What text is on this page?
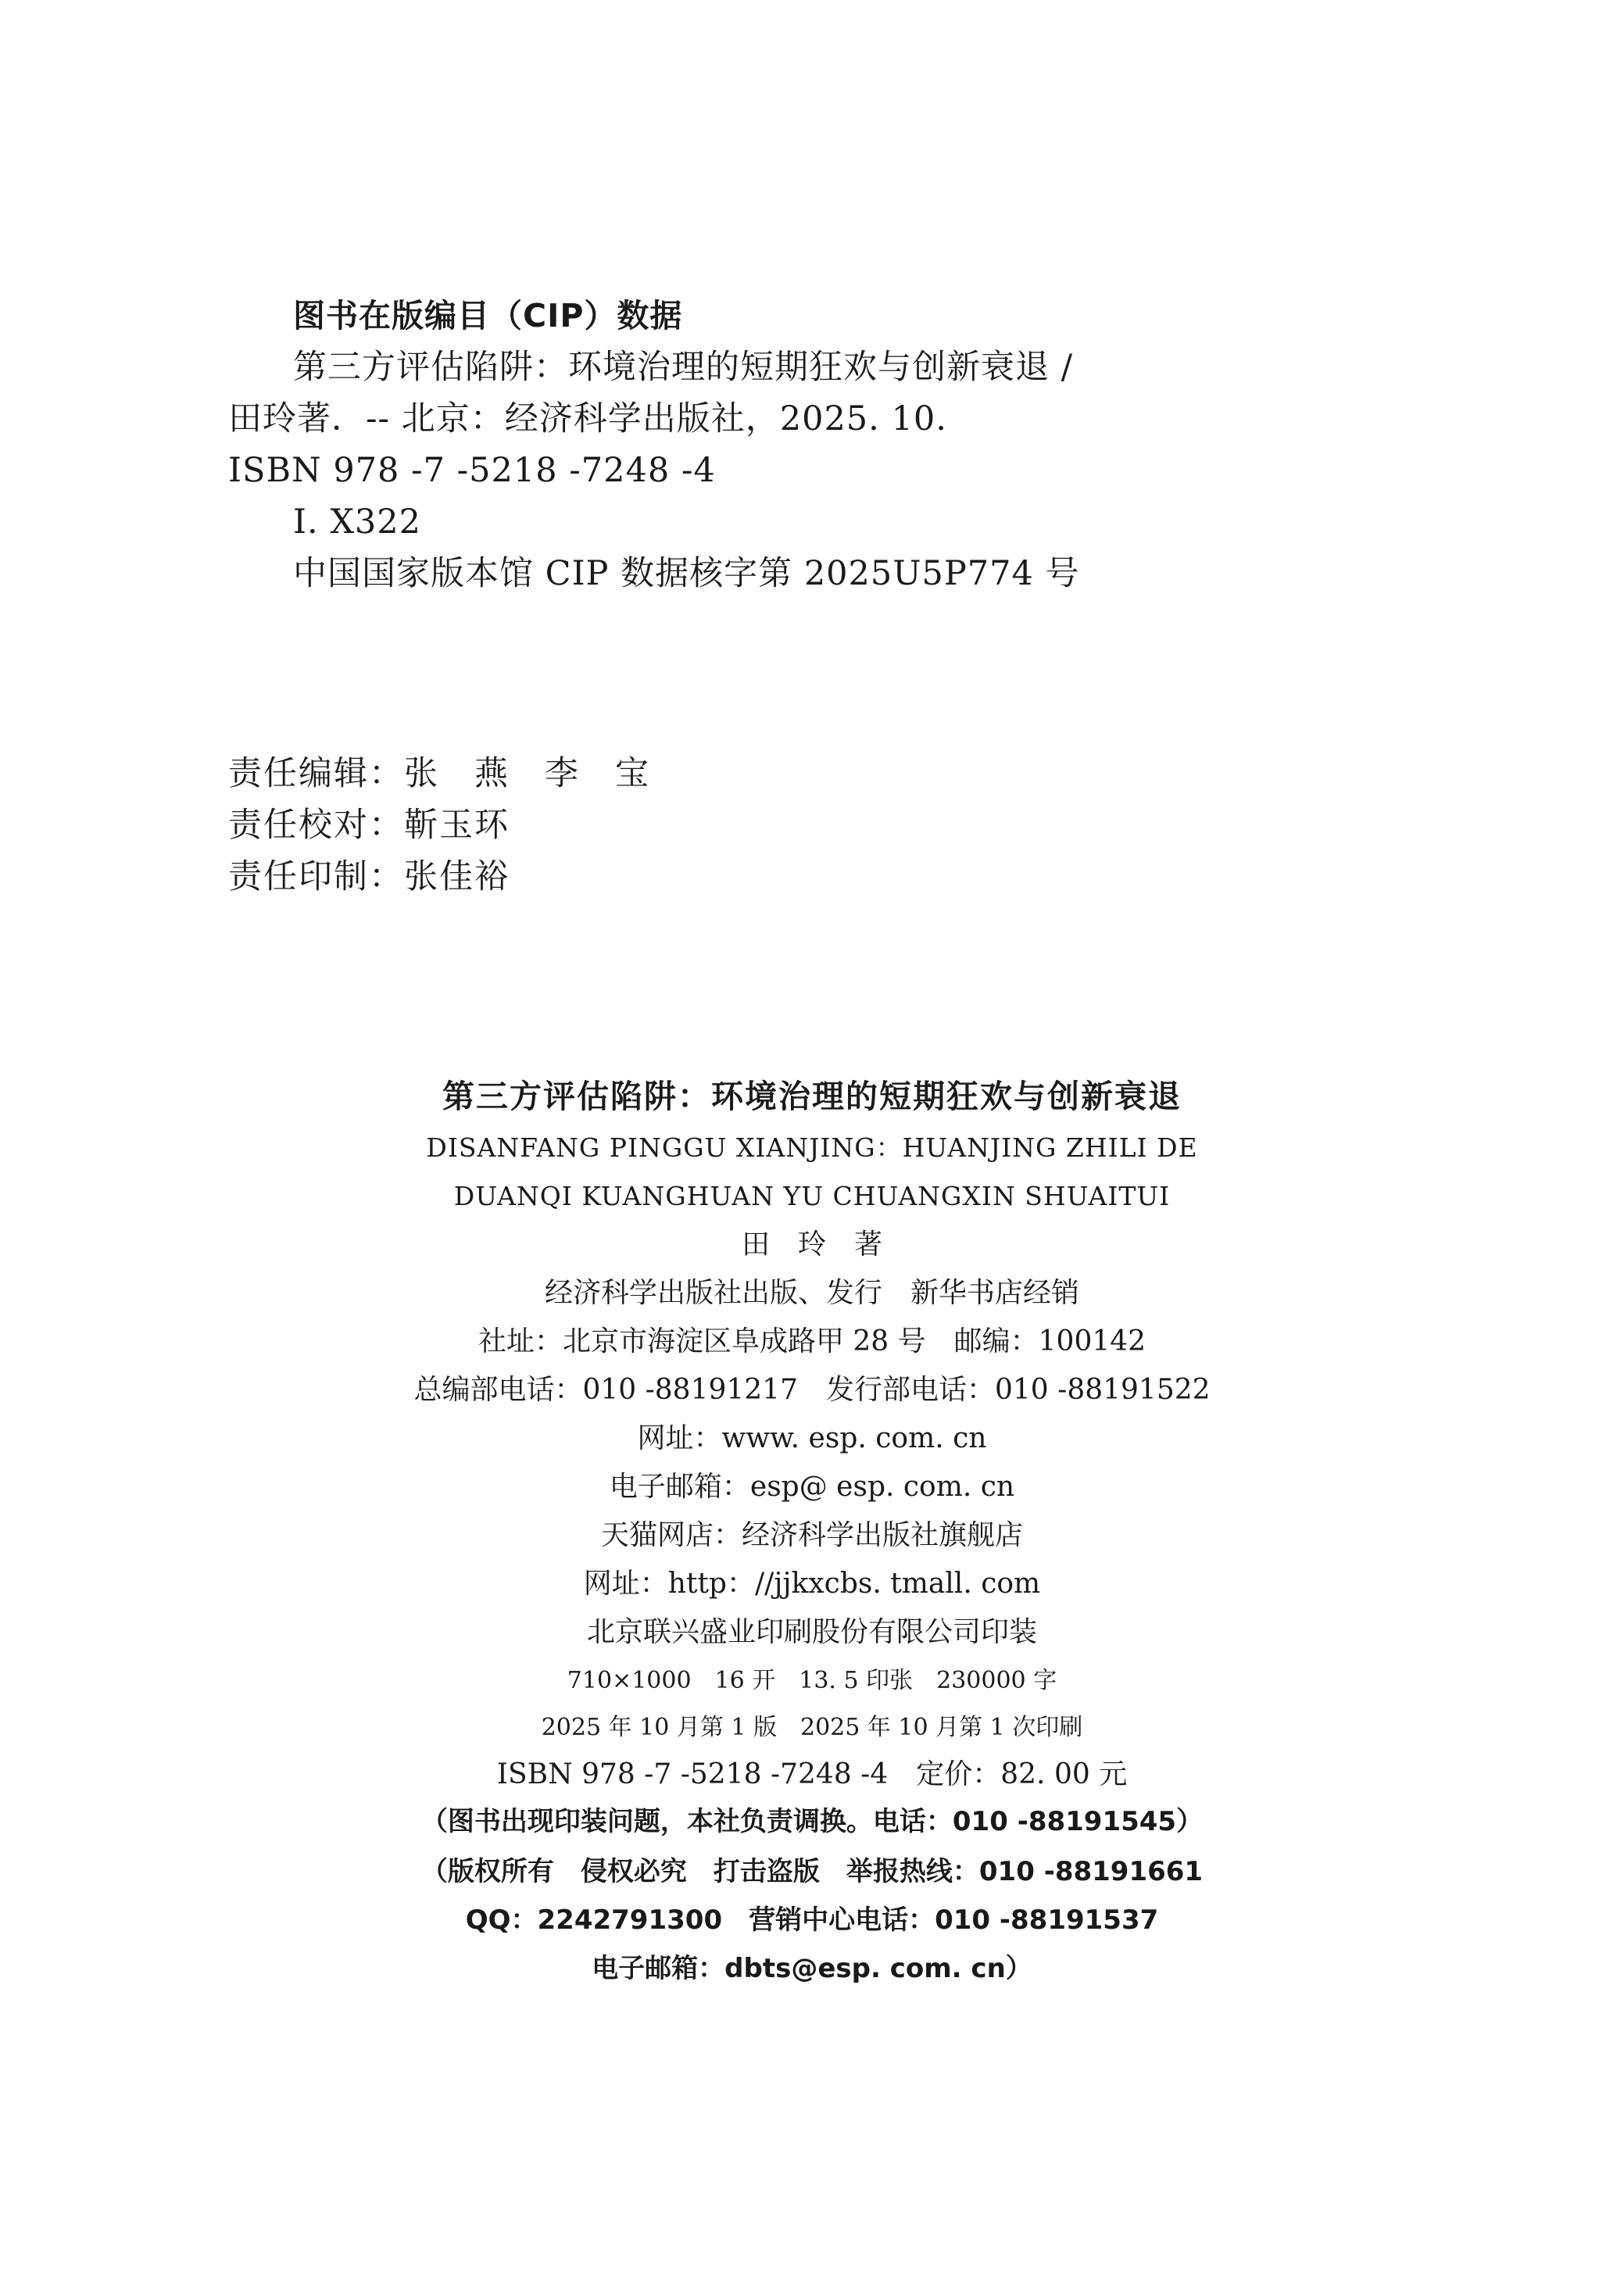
图书在版编目（CIP）数据
第三方评估陷阱：环境治理的短期狂欢与创新衰退 /
田玲著．-- 北京：经济科学出版社，2025. 10.
ISBN 978 -7 -5218 -7248 -4
Ⅰ. X322
中国国家版本馆 CIP 数据核字第 2025U5P774 号
责任编辑：张　燕　李　宝
责任校对：靳玉环
责任印制：张佳裕
第三方评估陷阱：环境治理的短期狂欢与创新衰退
DISANFANG PINGGU XIANJING：HUANJING ZHILI DE
DUANQI KUANGHUAN YU CHUANGXIN SHUAITUI
田　玲　著
经济科学出版社出版、发行　新华书店经销
社址：北京市海淀区阜成路甲 28 号　邮编：100142
总编部电话：010 -88191217　发行部电话：010 -88191522
网址：www. esp. com. cn
电子邮箱：esp@ esp. com. cn
天猫网店：经济科学出版社旗舰店
网址：http：//jjkxcbs. tmall. com
北京联兴盛业印刷股份有限公司印装
710×1000　16 开　13. 5 印张　230000 字
2025 年 10 月第 1 版　2025 年 10 月第 1 次印刷
ISBN 978 -7 -5218 -7248 -4　定价：82. 00 元
（图书出现印装问题，本社负责调换。电话：010 -88191545）
（版权所有　侵权必究　打击盗版　举报热线：010 -88191661
QQ：2242791300　营销中心电话：010 -88191537
电子邮箱：dbts@esp. com. cn）
